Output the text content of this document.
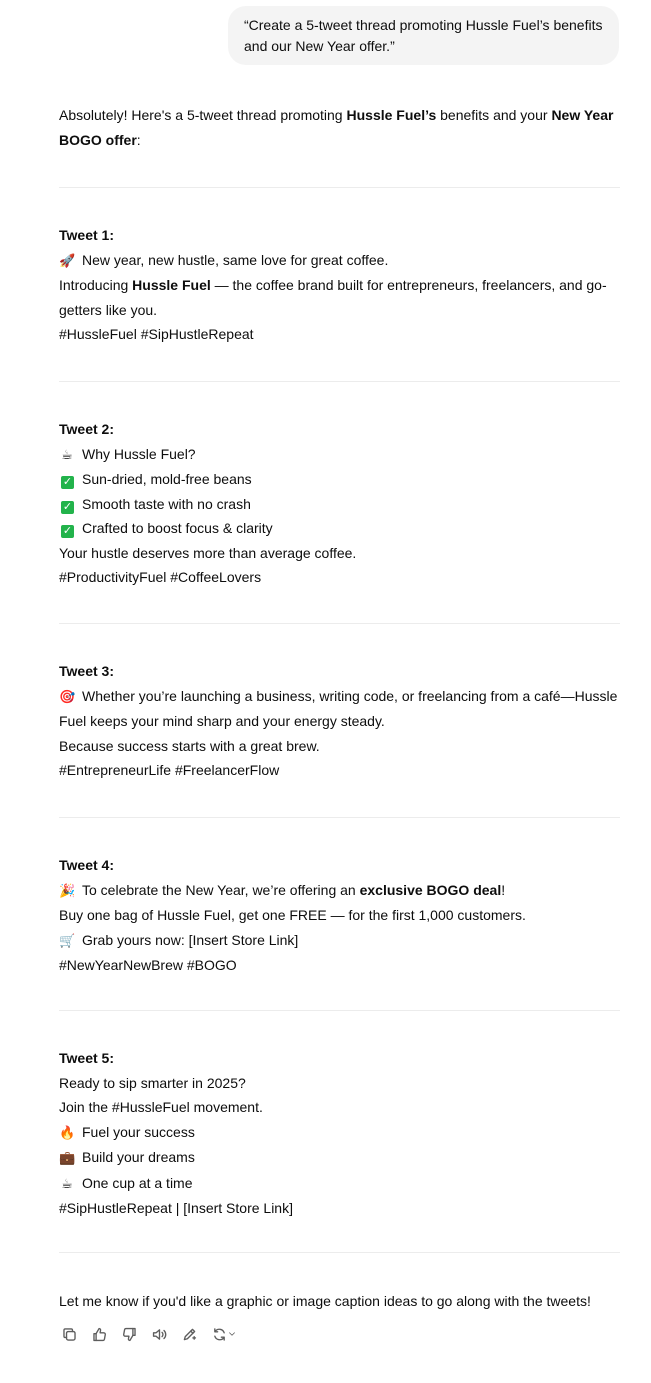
“Create a 5-tweet thread promoting Hussle Fuel’s benefits and our New Year offer.”
Absolutely! Here's a 5-tweet thread promoting Hussle Fuel’s benefits and your New Year BOGO offer:
Tweet 1:
🚀 New year, new hustle, same love for great coffee.
Introducing Hussle Fuel — the coffee brand built for entrepreneurs, freelancers, and go-getters like you.
#HussleFuel #SipHustleRepeat
Tweet 2:
☕ Why Hussle Fuel?
✓ Sun-dried, mold-free beans
✓ Smooth taste with no crash
✓ Crafted to boost focus & clarity
Your hustle deserves more than average coffee.
#ProductivityFuel #CoffeeLovers
Tweet 3:
🎯 Whether you’re launching a business, writing code, or freelancing from a café—Hussle Fuel keeps your mind sharp and your energy steady.
Because success starts with a great brew.
#EntrepreneurLife #FreelancerFlow
Tweet 4:
🎉 To celebrate the New Year, we’re offering an exclusive BOGO deal!
Buy one bag of Hussle Fuel, get one FREE — for the first 1,000 customers.
🛒 Grab yours now: [Insert Store Link]
#NewYearNewBrew #BOGO
Tweet 5:
Ready to sip smarter in 2025?
Join the #HussleFuel movement.
🔥 Fuel your success
💼 Build your dreams
☕ One cup at a time
#SipHustleRepeat | [Insert Store Link]
Let me know if you'd like a graphic or image caption ideas to go along with the tweets!
